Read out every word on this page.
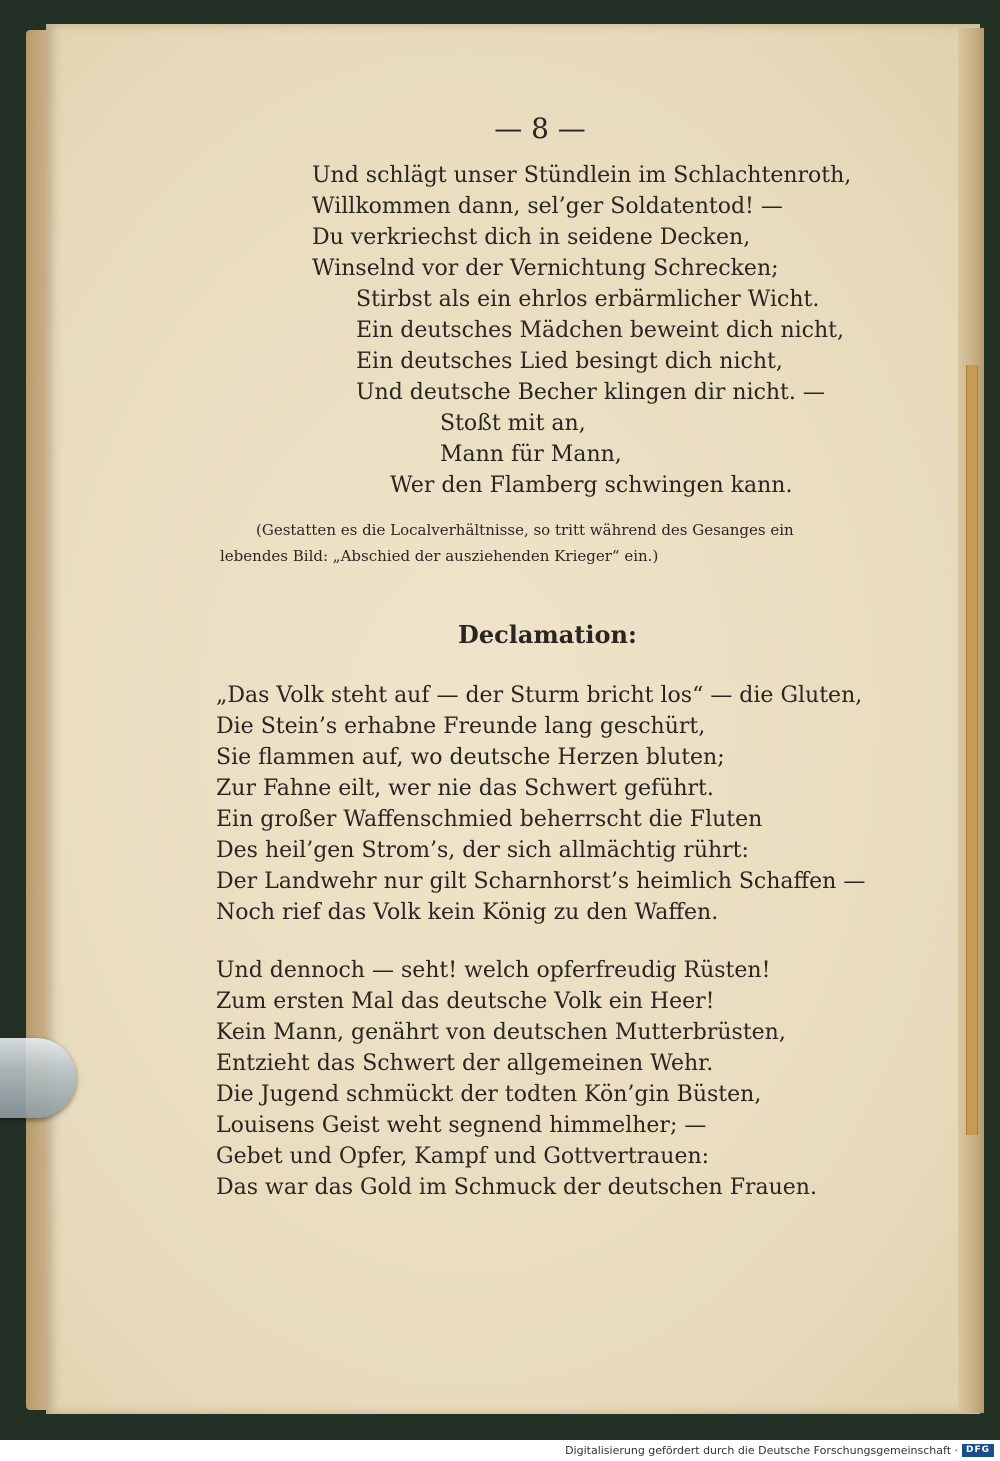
— 8 —
Und schlägt unser Stündlein im Schlachtenroth,
Willkommen dann, sel’ger Soldatentod! —
Du verkriechst dich in seidene Decken,
Winselnd vor der Vernichtung Schrecken;
Stirbst als ein ehrlos erbärmlicher Wicht.
Ein deutsches Mädchen beweint dich nicht,
Ein deutsches Lied besingt dich nicht,
Und deutsche Becher klingen dir nicht. —
Stoßt mit an,
Mann für Mann,
Wer den Flamberg schwingen kann.
(Gestatten es die Localverhältnisse, so tritt während des Gesanges ein
lebendes Bild: „Abschied der ausziehenden Krieger“ ein.)
Declamation:
„Das Volk steht auf — der Sturm bricht los“ — die Gluten,
Die Stein’s erhabne Freunde lang geschürt,
Sie flammen auf, wo deutsche Herzen bluten;
Zur Fahne eilt, wer nie das Schwert geführt.
Ein großer Waffenschmied beherrscht die Fluten
Des heil’gen Strom’s, der sich allmächtig rührt:
Der Landwehr nur gilt Scharnhorst’s heimlich Schaffen —
Noch rief das Volk kein König zu den Waffen.
Und dennoch — seht! welch opferfreudig Rüsten!
Zum ersten Mal das deutsche Volk ein Heer!
Kein Mann, genährt von deutschen Mutterbrüsten,
Entzieht das Schwert der allgemeinen Wehr.
Die Jugend schmückt der todten Kön’gin Büsten,
Louisens Geist weht segnend himmelher; —
Gebet und Opfer, Kampf und Gottvertrauen:
Das war das Gold im Schmuck der deutschen Frauen.
Digitalisierung gefördert durch die Deutsche Forschungsgemeinschaft · DFG
